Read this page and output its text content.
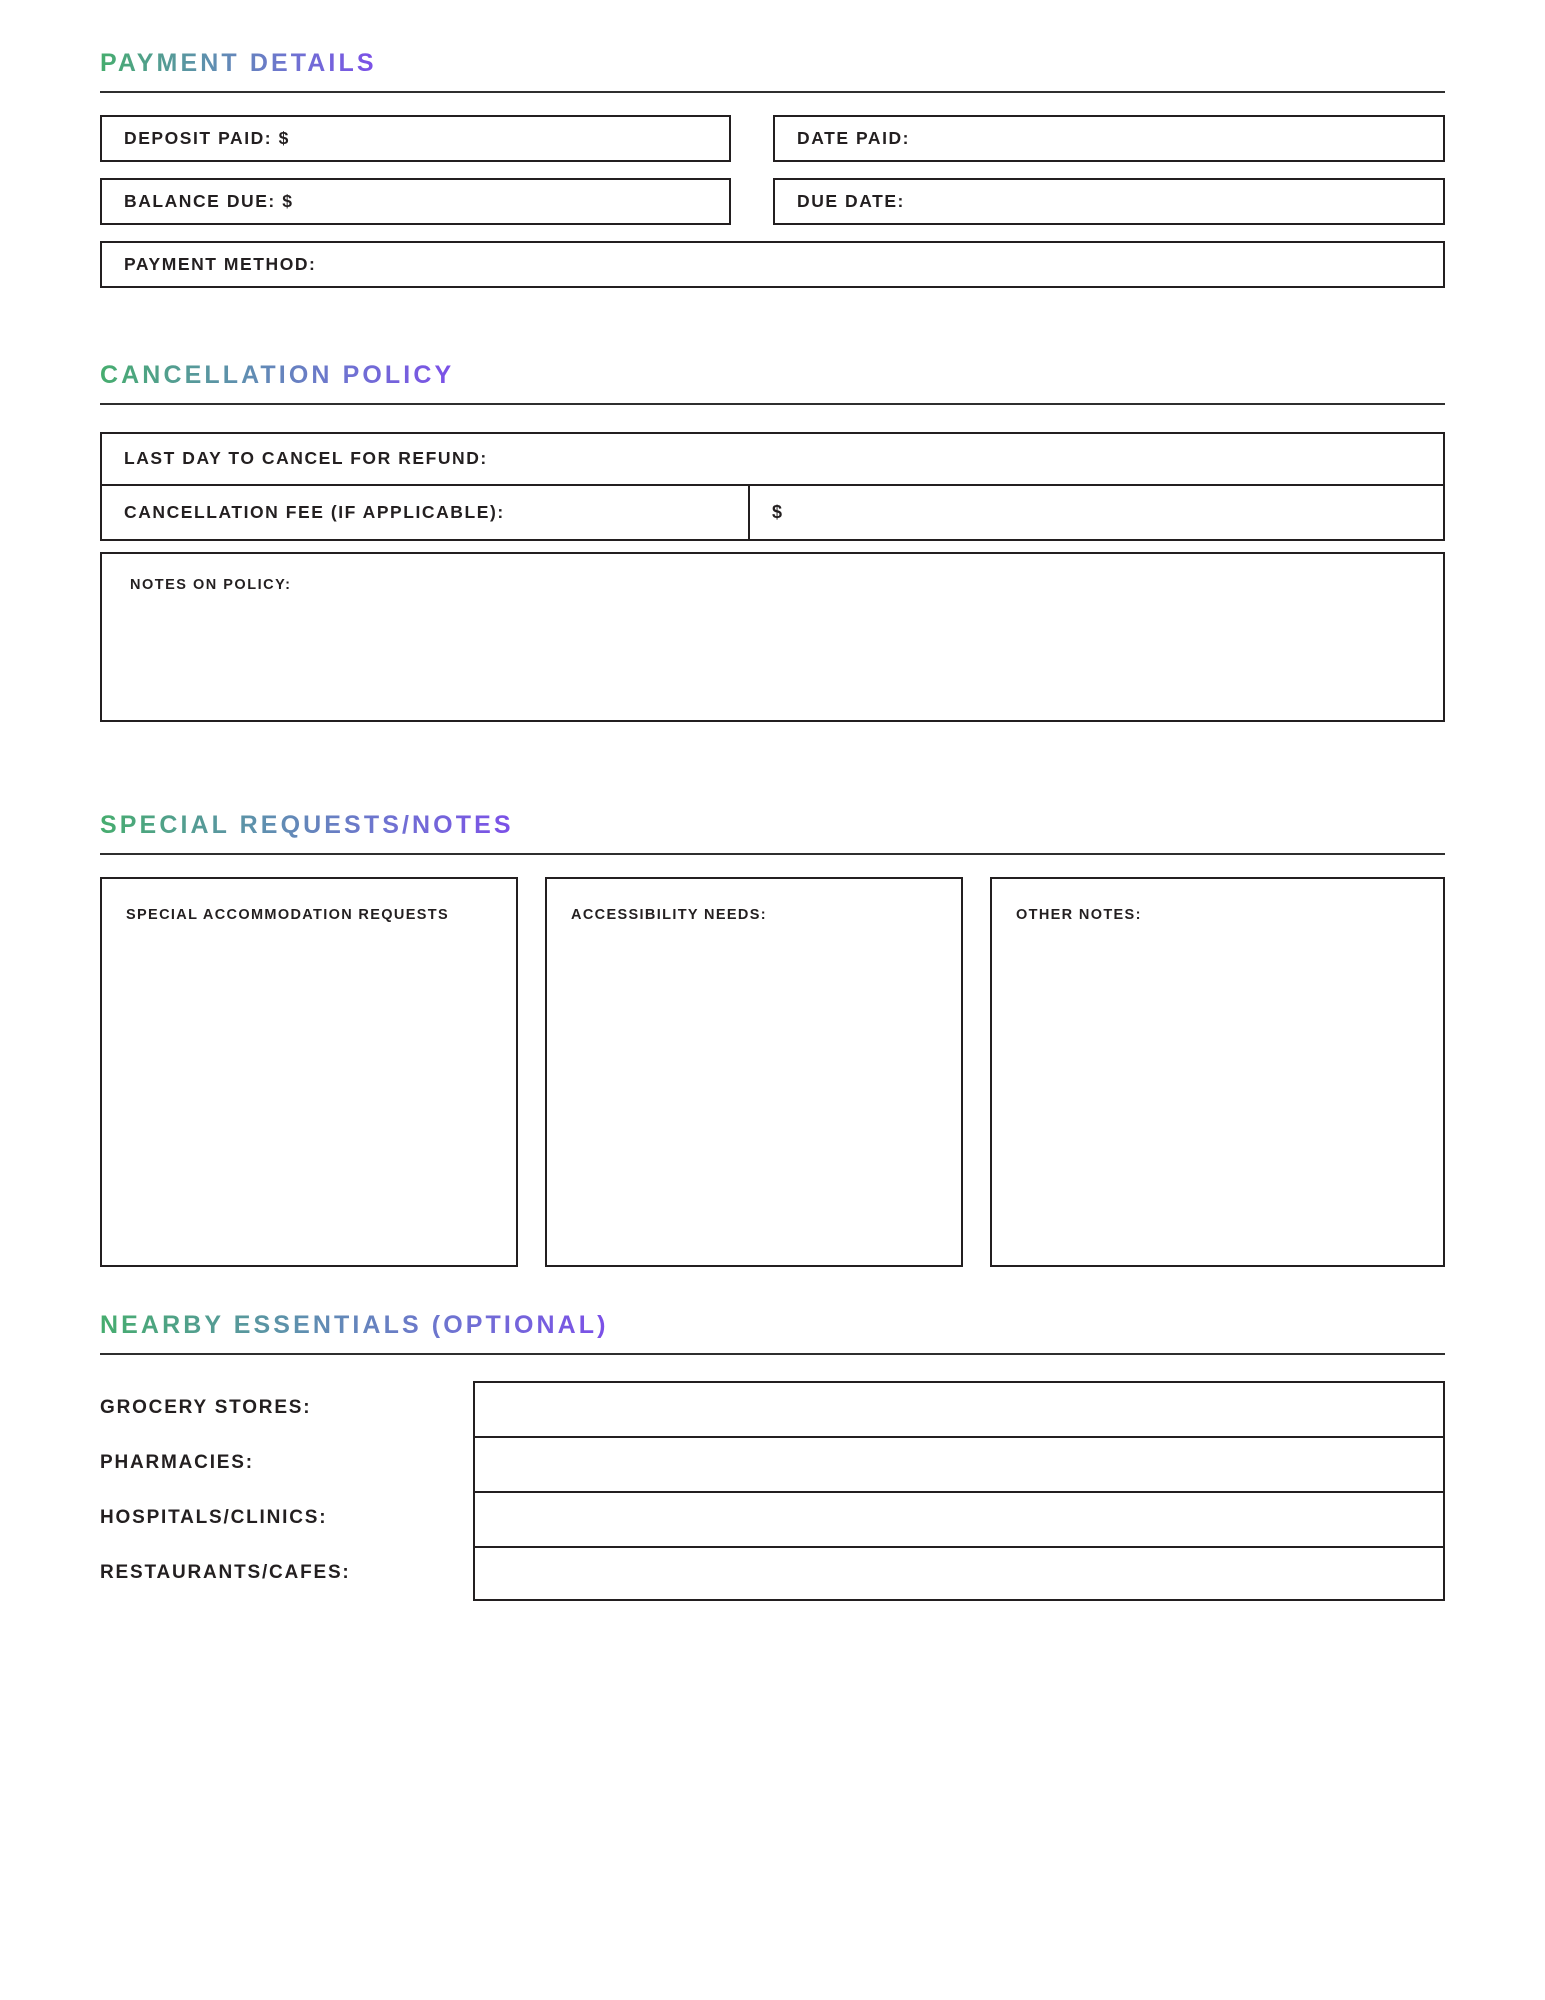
PAYMENT DETAILS
DEPOSIT PAID: $	DATE PAID:
BALANCE DUE: $	DUE DATE:
PAYMENT METHOD:
CANCELLATION POLICY
LAST DAY TO CANCEL FOR REFUND:
CANCELLATION FEE (IF APPLICABLE):	$
NOTES ON POLICY:
SPECIAL REQUESTS/NOTES
SPECIAL ACCOMMODATION REQUESTS	ACCESSIBILITY NEEDS:	OTHER NOTES:
NEARBY ESSENTIALS (OPTIONAL)
GROCERY STORES:
PHARMACIES:
HOSPITALS/CLINICS:
RESTAURANTS/CAFES:
